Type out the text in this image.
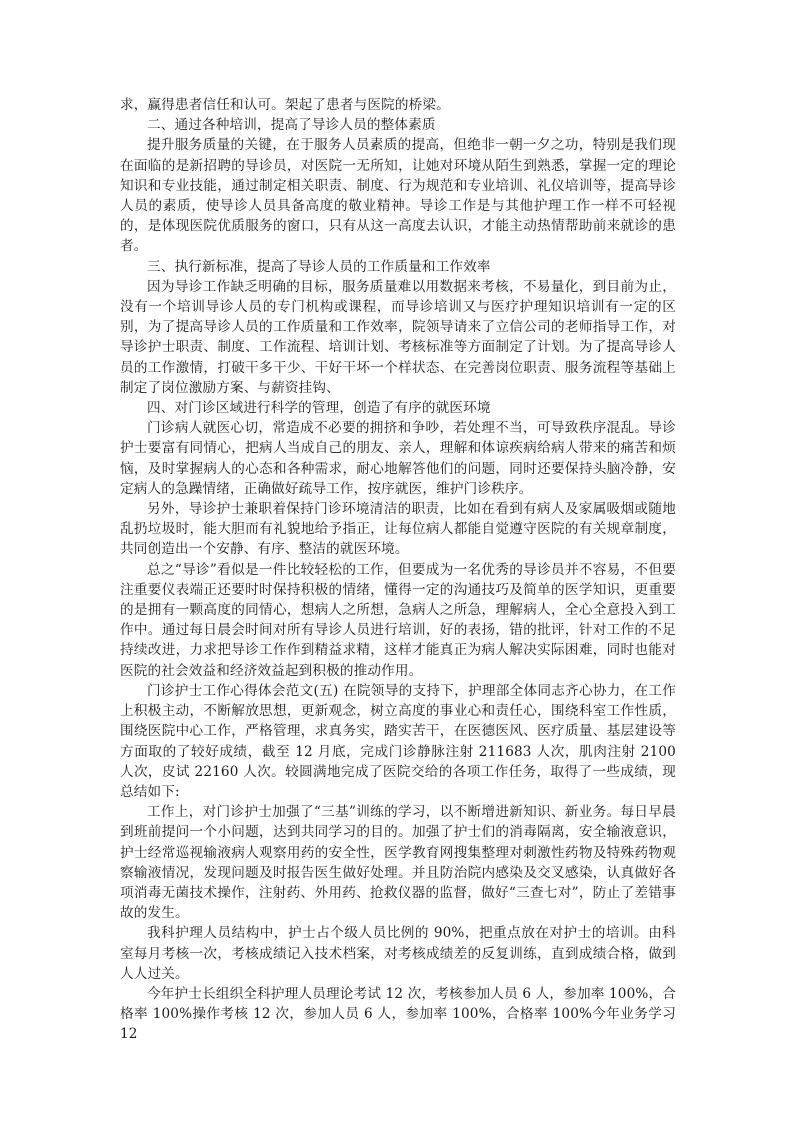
求，赢得患者信任和认可。架起了患者与医院的桥梁。

二、通过各种培训，提高了导诊人员的整体素质

提升服务质量的关键，在于服务人员素质的提高，但绝非一朝一夕之功，特别是我们现在面临的是新招聘的导诊员，对医院一无所知，让她对环境从陌生到熟悉，掌握一定的理论知识和专业技能，通过制定相关职责、制度、行为规范和专业培训、礼仪培训等，提高导诊人员的素质，使导诊人员具备高度的敬业精神。导诊工作是与其他护理工作一样不可轻视的，是体现医院优质服务的窗口，只有从这一高度去认识，才能主动热情帮助前来就诊的患者。

三、执行新标准，提高了导诊人员的工作质量和工作效率

因为导诊工作缺乏明确的目标，服务质量难以用数据来考核，不易量化，到目前为止，没有一个培训导诊人员的专门机构或课程，而导诊培训又与医疗护理知识培训有一定的区别，为了提高导诊人员的工作质量和工作效率，院领导请来了立信公司的老师指导工作，对导诊护士职责、制度、工作流程、培训计划、考核标准等方面制定了计划。为了提高导诊人员的工作激情，打破干多干少、干好干坏一个样状态、在完善岗位职责、服务流程等基础上制定了岗位激励方案、与薪资挂钩、

四、对门诊区域进行科学的管理，创造了有序的就医环境

门诊病人就医心切，常造成不必要的拥挤和争吵，若处理不当，可导致秩序混乱。导诊护士要富有同情心，把病人当成自己的朋友、亲人，理解和体谅疾病给病人带来的痛苦和烦恼，及时掌握病人的心态和各种需求，耐心地解答他们的问题，同时还要保持头脑冷静，安定病人的急躁情绪，正确做好疏导工作，按序就医，维护门诊秩序。

另外，导诊护士兼职着保持门诊环境清洁的职责，比如在看到有病人及家属吸烟或随地乱扔垃圾时，能大胆而有礼貌地给予指正，让每位病人都能自觉遵守医院的有关规章制度，共同创造出一个安静、有序、整洁的就医环境。

总之“导诊”看似是一件比较轻松的工作，但要成为一名优秀的导诊员并不容易，不但要注重要仪表端正还要时时保持积极的情绪，懂得一定的沟通技巧及简单的医学知识，更重要的是拥有一颗高度的同情心，想病人之所想，急病人之所急，理解病人，全心全意投入到工作中。通过每日晨会时间对所有导诊人员进行培训，好的表扬，错的批评，针对工作的不足持续改进，力求把导诊工作作到精益求精，这样才能真正为病人解决实际困难，同时也能对医院的社会效益和经济效益起到积极的推动作用。

门诊护士工作心得体会范文(五) 在院领导的支持下，护理部全体同志齐心协力，在工作上积极主动，不断解放思想，更新观念，树立高度的事业心和责任心，围绕科室工作性质，围绕医院中心工作，严格管理，求真务实，踏实苦干，在医德医风、医疗质量、基层建设等方面取的了较好成绩，截至 12 月底，完成门诊静脉注射 211683 人次，肌肉注射 2100 人次，皮试 22160 人次。较圆满地完成了医院交给的各项工作任务，取得了一些成绩，现总结如下:

工作上，对门诊护士加强了“三基”训练的学习，以不断增进新知识、新业务。每日早晨到班前提问一个小问题，达到共同学习的目的。加强了护士们的消毒隔离，安全输液意识，护士经常巡视输液病人观察用药的安全性，医学教育网搜集整理对刺激性药物及特殊药物观察输液情况，发现问题及时报告医生做好处理。并且防治院内感染及交叉感染，认真做好各项消毒无菌技术操作，注射药、外用药、抢救仪器的监督，做好“三查七对”，防止了差错事故的发生。

我科护理人员结构中，护士占个级人员比例的 90%，把重点放在对护士的培训。由科室每月考核一次，考核成绩记入技术档案，对考核成绩差的反复训练，直到成绩合格，做到人人过关。

今年护士长组织全科护理人员理论考试 12 次，考核参加人员 6 人，参加率 100%，合格率 100%操作考核 12 次，参加人员 6 人，参加率 100%，合格率 100%今年业务学习 12
